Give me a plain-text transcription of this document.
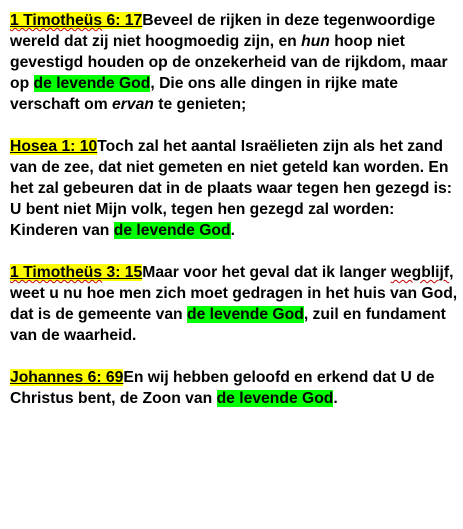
1 Timotheüs 6: 17Beveel de rijken in deze tegenwoordige wereld dat zij niet hoogmoedig zijn, en hun hoop niet gevestigd houden op de onzekerheid van de rijkdom, maar op de levende God, Die ons alle dingen in rijke mate verschaft om ervan te genieten;

Hosea 1: 10Toch zal het aantal Israëlieten zijn als het zand van de zee, dat niet gemeten en niet geteld kan worden. En het zal gebeuren dat in de plaats waar tegen hen gezegd is: U bent niet Mijn volk, tegen hen gezegd zal worden: Kinderen van de levende God.

1 Timotheüs 3: 15Maar voor het geval dat ik langer wegblijf, weet u nu hoe men zich moet gedragen in het huis van God, dat is de gemeente van de levende God, zuil en fundament van de waarheid.

Johannes 6: 69En wij hebben geloofd en erkend dat U de Christus bent, de Zoon van de levende God.
